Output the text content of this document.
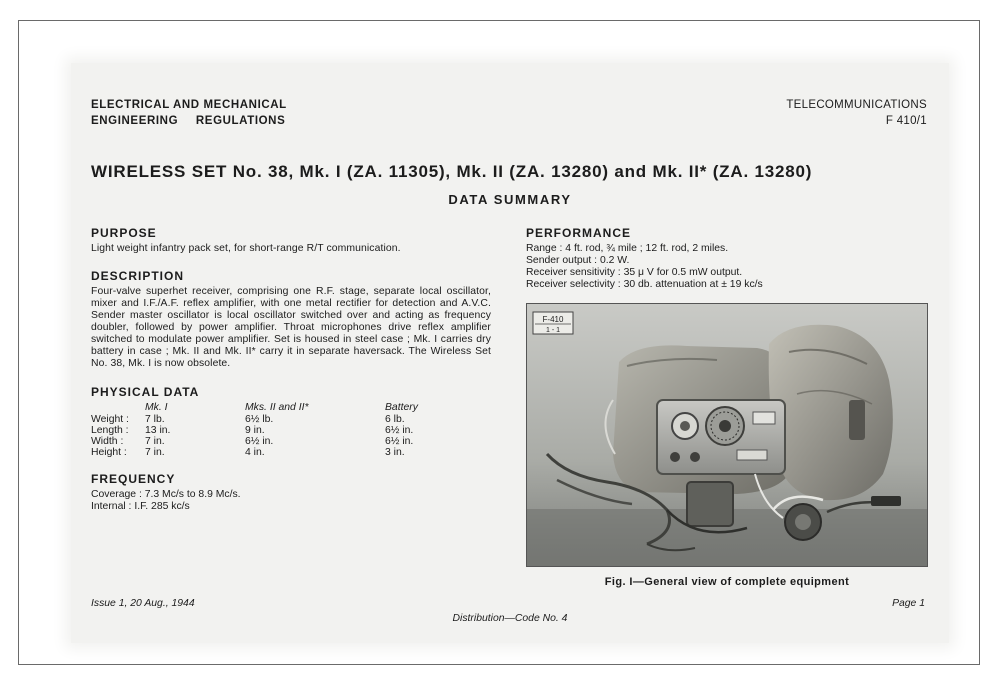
ELECTRICAL AND MECHANICAL
ENGINEERING REGULATIONS
TELECOMMUNICATIONS
F 410/1
WIRELESS SET No. 38, Mk. I (ZA. 11305), Mk. II (ZA. 13280) and Mk. II* (ZA. 13280)
DATA SUMMARY
PURPOSE

Light weight infantry pack set, for short-range R/T communication.

DESCRIPTION

Four-valve superhet receiver, comprising one R.F. stage, separate local oscillator, mixer and I.F./A.F. reflex amplifier, with one metal rectifier for detection and A.V.C. Sender master oscillator is local oscillator switched over and acting as frequency doubler, followed by power amplifier. Throat microphones drive reflex amplifier switched to modulate power amplifier. Set is housed in steel case ; Mk. I carries dry battery in case ; Mk. II and Mk. II* carry it in separate haversack. The Wireless Set No. 38, Mk. I is now obsolete.

PHYSICAL DATA
	Mk. I	Mks. II and II*	Battery
Weight :	7 lb.	6½ lb.	6 lb.
Length :	13 in.	9 in.	6½ in.
Width :	7 in.	6½ in.	6½ in.
Height :	7 in.	4 in.	3 in.
FREQUENCY
Coverage : 7.3 Mc/s to 8.9 Mc/s.
Internal : I.F. 285 kc/s
PERFORMANCE
Range : 4 ft. rod, ¾ mile ; 12 ft. rod, 2 miles.
Sender output : 0.2 W.
Receiver sensitivity : 35 μ V for 0.5 mW output.
Receiver selectivity : 30 db. attenuation at ± 19 kc/s
F-410
1 - 1
Fig. I—General view of complete equipment
Issue 1, 20 Aug., 1944
Distribution—Code No. 4
Page 1
